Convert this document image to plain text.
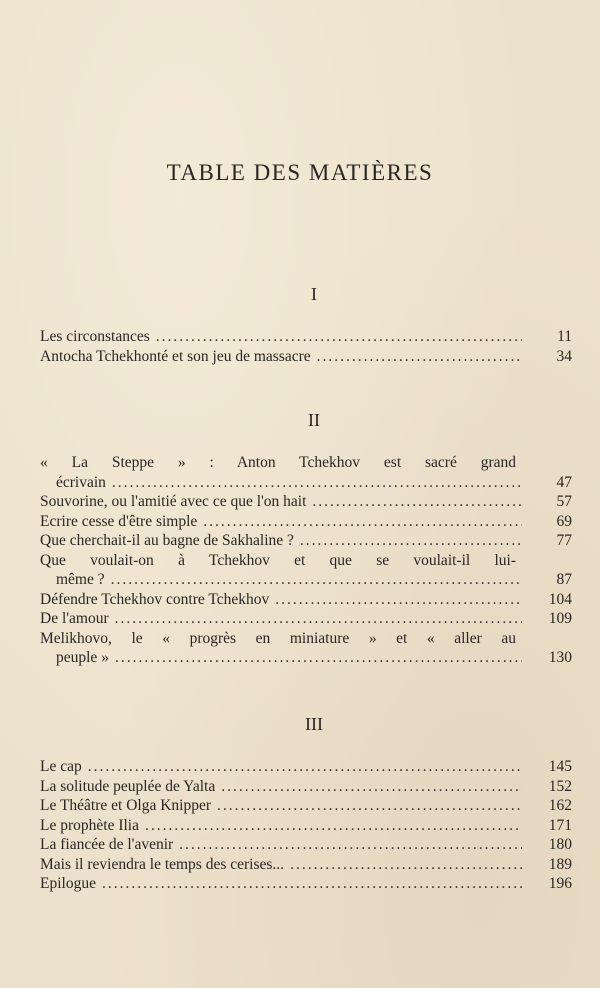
TABLE DES MATIÈRES
I
Les circonstances .....	11
Antocha Tchekhonté et son jeu de massacre .....	34
II
« La Steppe » : Anton Tchekhov est sacré grand
écrivain .....	47
Souvorine, ou l'amitié avec ce que l'on hait .....	57
Ecrire cesse d'être simple .....	69
Que cherchait-il au bagne de Sakhaline ? .....	77
Que voulait-on à Tchekhov et que se voulait-il lui-
même ? .....	87
Défendre Tchekhov contre Tchekhov .....	104
De l'amour .....	109
Melikhovo, le « progrès en miniature » et « aller au
peuple » .....	130
III
Le cap .....	145
La solitude peuplée de Yalta .....	152
Le Théâtre et Olga Knipper .....	162
Le prophète Ilia .....	171
La fiancée de l'avenir .....	180
Mais il reviendra le temps des cerises... .....	189
Epilogue .....	196
